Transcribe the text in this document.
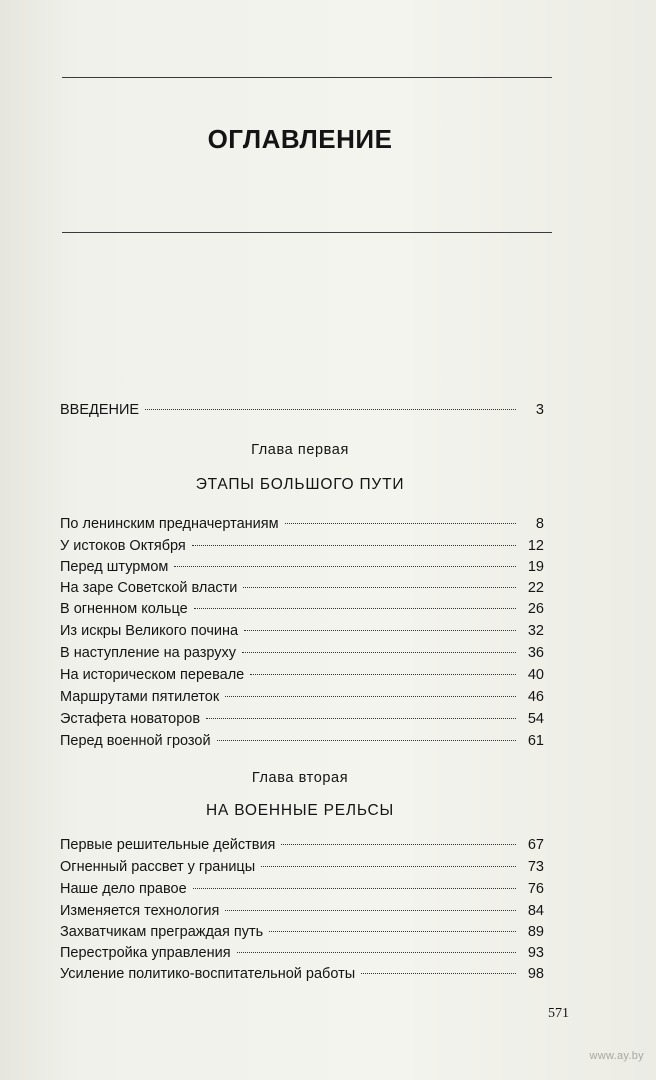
ОГЛАВЛЕНИЕ
ВВЕДЕНИЕ	3
Глава первая
ЭТАПЫ БОЛЬШОГО ПУТИ
По ленинским предначертаниям	8
У истоков Октября	12
Перед штурмом	19
На заре Советской власти	22
В огненном кольце	26
Из искры Великого почина	32
В наступление на разруху	36
На историческом перевале	40
Маршрутами пятилеток	46
Эстафета новаторов	54
Перед военной грозой	61
Глава вторая
НА ВОЕННЫЕ РЕЛЬСЫ
Первые решительные действия	67
Огненный рассвет у границы	73
Наше дело правое	76
Изменяется технология	84
Захватчикам преграждая путь	89
Перестройка управления	93
Усиление политико-воспитательной работы	98
571
www.ay.by
